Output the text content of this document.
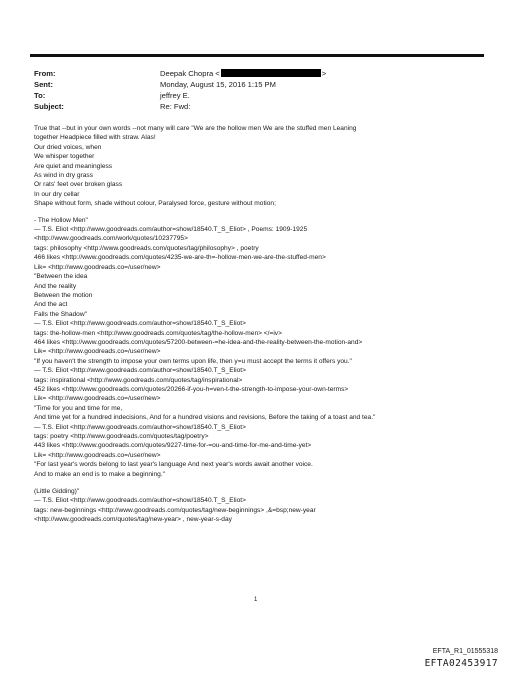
From:	Deepak Chopra <	>
Sent:	Monday, August 15, 2016 1:15 PM
To:	jeffrey E.
Subject:	Re: Fwd:
True that --but in your own words --not many will care "We are the hollow men We are the stuffed men Leaning
together Headpiece filled with straw. Alas!
Our dried voices, when
We whisper together
Are quiet and meaningless
As wind in dry grass
Or rats' feet over broken glass
In our dry cellar
Shape without form, shade without colour, Paralysed force, gesture without motion;
- The Hollow Men"
— T.S. Eliot <http://www.goodreads.com/author=show/18540.T_S_Eliot> , Poems: 1909-1925
<http://www.goodreads.com/work/quotes/10237795>
tags: philosophy <http://www.goodreads.com/quotes/tag/philosophy> , poetry
466 likes <http://www.goodreads.com/quotes/4235-we-are-th=-hollow-men-we-are-the-stuffed-men>
Lik= <http://www.goodreads.co=/user/new>
"Between the idea
And the reality
Between the motion
And the act
Falls the Shadow"
— T.S. Eliot <http://www.goodreads.com/author=show/18540.T_S_Eliot>
tags: the-hollow-men <http://www.goodreads.com/quotes/tag/the-hollow-men> </=iv>
464 likes <http://www.goodreads.com/quotes/57200-between-=he-idea-and-the-reality-between-the-motion-and>
Lik= <http://www.goodreads.co=/user/new>
"If you haven't the strength to impose your own terms upon life, then y=u must accept the terms it offers you."
— T.S. Eliot <http://www.goodreads.com/author=show/18540.T_S_Eliot>
tags: inspirational <http://www.goodreads.com/quotes/tag/inspirational>
452 likes <http://www.goodreads.com/quotes/20266-if-you-h=ven-t-the-strength-to-impose-your-own-terms>
Lik= <http://www.goodreads.co=/user/new>
"Time for you and time for me,
And time yet for a hundred indecisions, And for a hundred visions and revisions, Before the taking of a toast and tea."
— T.S. Eliot <http://www.goodreads.com/author=show/18540.T_S_Eliot>
tags: poetry <http://www.goodreads.com/quotes/tag/poetry>
443 likes <http://www.goodreads.com/quotes/9227-time-for-=ou-and-time-for-me-and-time-yet>
Lik= <http://www.goodreads.co=/user/new>
"For last year's words belong to last year's language And next year's words await another voice.
And to make an end is to make a beginning."
(Little Gidding)"
— T.S. Eliot <http://www.goodreads.com/author=show/18540.T_S_Eliot>
tags: new-beginnings <http://www.goodreads.com/quotes/tag/new-beginnings> ,&=bsp;new-year
<http://www.goodreads.com/quotes/tag/new-year> , new-year-s-day
1
EFTA_R1_01555318
EFTA02453917
